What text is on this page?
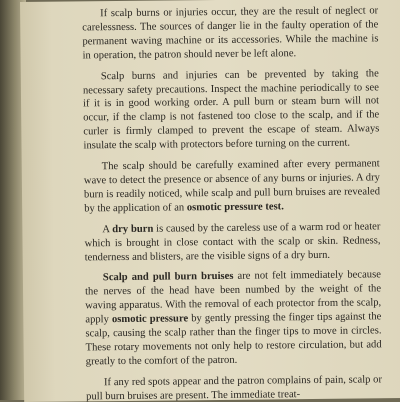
If scalp burns or injuries occur, they are the result of neglect or carelessness. The sources of danger lie in the faulty operation of the permanent waving machine or its accessories. While the machine is in operation, the patron should never be left alone.

Scalp burns and injuries can be prevented by taking the necessary safety precautions. Inspect the machine periodically to see if it is in good working order. A pull burn or steam burn will not occur, if the clamp is not fastened too close to the scalp, and if the curler is firmly clamped to prevent the escape of steam. Always insulate the scalp with protectors before turning on the current.

The scalp should be carefully examined after every permanent wave to detect the presence or absence of any burns or injuries. A dry burn is readily noticed, while scalp and pull burn bruises are revealed by the application of an osmotic pressure test.

A dry burn is caused by the careless use of a warm rod or heater which is brought in close contact with the scalp or skin. Redness, tenderness and blisters, are the visible signs of a dry burn.

Scalp and pull burn bruises are not felt immediately because the nerves of the head have been numbed by the weight of the waving apparatus. With the removal of each protector from the scalp, apply osmotic pressure by gently pressing the finger tips against the scalp, causing the scalp rather than the finger tips to move in circles. These rotary movements not only help to restore circulation, but add greatly to the comfort of the patron.

If any red spots appear and the patron complains of pain, scalp or pull burn bruises are present. The immediate treat-
